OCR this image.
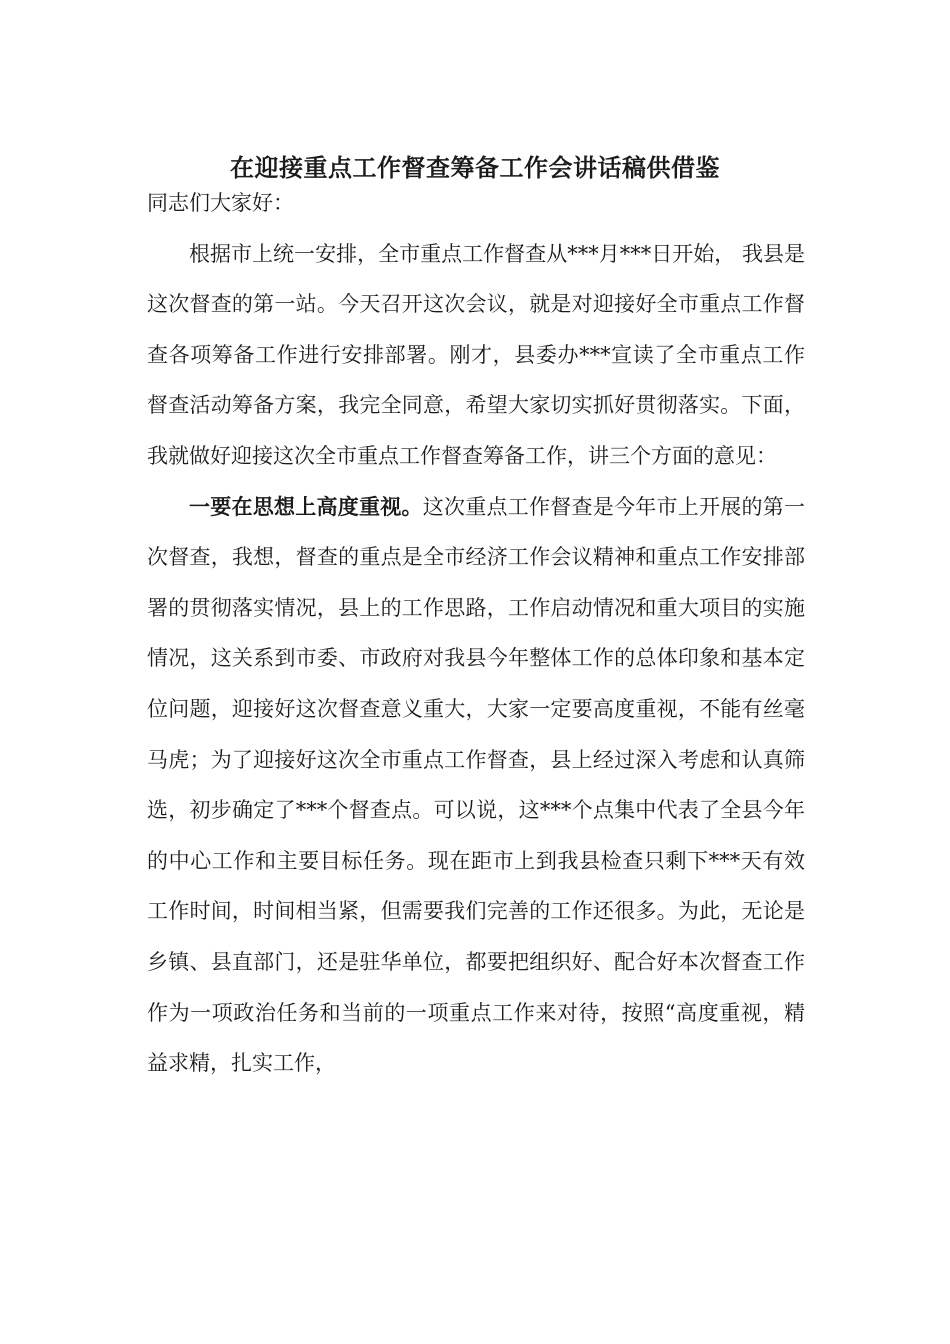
在迎接重点工作督查筹备工作会讲话稿供借鉴

同志们大家好：

根据市上统一安排，全市重点工作督查从***月***日开始， 我县是这次督查的第一站。今天召开这次会议，就是对迎接好全市重点工作督查各项筹备工作进行安排部署。刚才，县委办***宣读了全市重点工作督查活动筹备方案，我完全同意，希望大家切实抓好贯彻落实。下面，我就做好迎接这次全市重点工作督查筹备工作，讲三个方面的意见：

一要在思想上高度重视。这次重点工作督查是今年市上开展的第一次督查，我想，督查的重点是全市经济工作会议精神和重点工作安排部署的贯彻落实情况，县上的工作思路，工作启动情况和重大项目的实施情况，这关系到市委、市政府对我县今年整体工作的总体印象和基本定位问题，迎接好这次督查意义重大，大家一定要高度重视，不能有丝毫马虎；为了迎接好这次全市重点工作督查，县上经过深入考虑和认真筛选，初步确定了***个督查点。可以说，这***个点集中代表了全县今年的中心工作和主要目标任务。现在距市上到我县检查只剩下***天有效工作时间，时间相当紧，但需要我们完善的工作还很多。为此，无论是乡镇、县直部门，还是驻华单位，都要把组织好、配合好本次督查工作作为一项政治任务和当前的一项重点工作来对待，按照“高度重视，精益求精，扎实工作，
